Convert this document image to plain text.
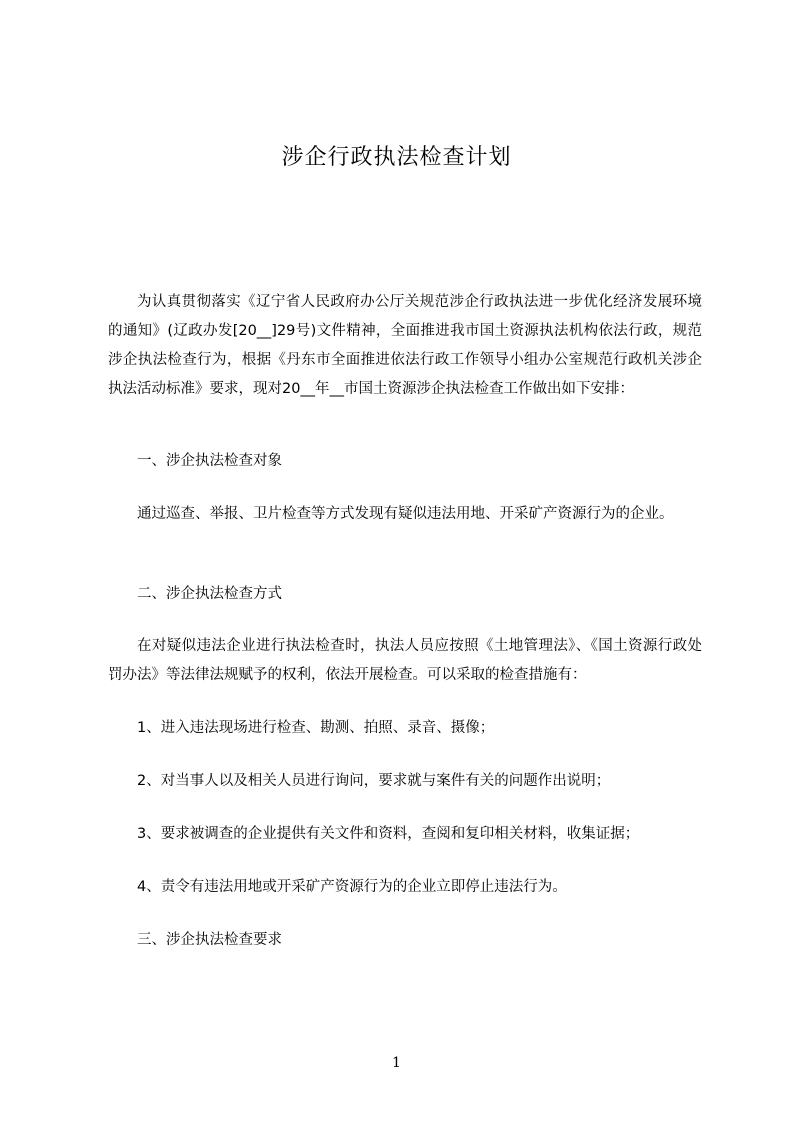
涉企行政执法检查计划
为认真贯彻落实《辽宁省人民政府办公厅关规范涉企行政执法进一步优化经济发展环境的通知》(辽政办发[20__]29号)文件精神，全面推进我市国土资源执法机构依法行政，规范涉企执法检查行为，根据《丹东市全面推进依法行政工作领导小组办公室规范行政机关涉企执法活动标准》要求，现对20__年__市国土资源涉企执法检查工作做出如下安排：
一、涉企执法检查对象
通过巡查、举报、卫片检查等方式发现有疑似违法用地、开采矿产资源行为的企业。
二、涉企执法检查方式
在对疑似违法企业进行执法检查时，执法人员应按照《土地管理法》、《国土资源行政处罚办法》等法律法规赋予的权利，依法开展检查。可以采取的检查措施有：
1、进入违法现场进行检查、勘测、拍照、录音、摄像；
2、对当事人以及相关人员进行询问，要求就与案件有关的问题作出说明；
3、要求被调查的企业提供有关文件和资料，查阅和复印相关材料，收集证据；
4、责令有违法用地或开采矿产资源行为的企业立即停止违法行为。
三、涉企执法检查要求
1
